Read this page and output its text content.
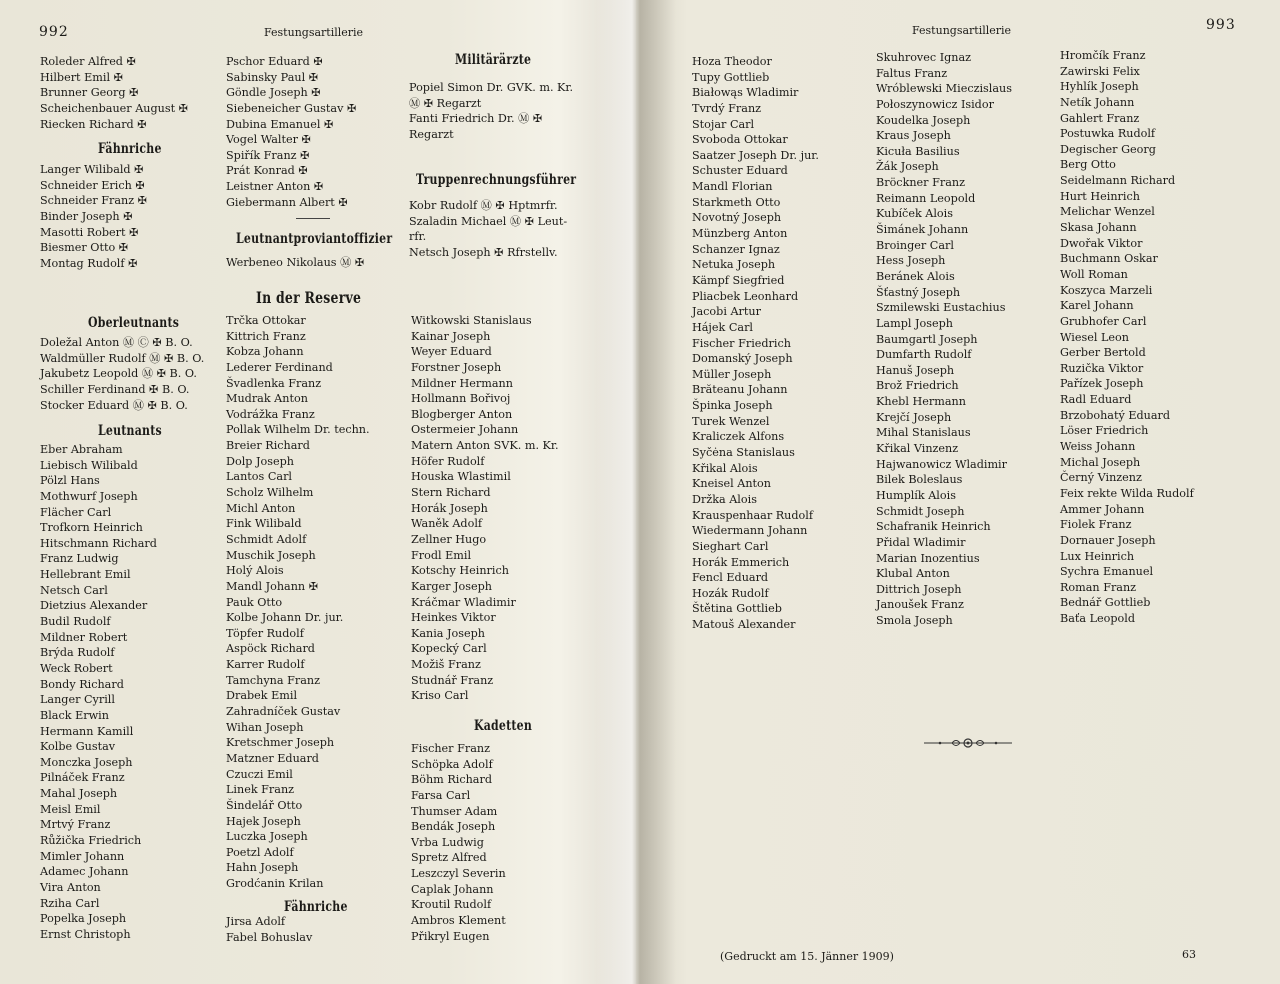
992	Festungsartillerie
Roleder Alfred ✠
Hilbert Emil ✠
Brunner Georg ✠
Scheichenbauer August ✠
Riecken Richard ✠
Fähnriche
Langer Wilibald ✠
Schneider Erich ✠
Schneider Franz ✠
Binder Joseph ✠
Masotti Robert ✠
Biesmer Otto ✠
Montag Rudolf ✠
Oberleutnants
Doležal Anton Ⓜ Ⓒ ✠ B. O.
Waldmüller Rudolf Ⓜ ✠ B. O.
Jakubetz Leopold Ⓜ ✠ B. O.
Schiller Ferdinand ✠ B. O.
Stocker Eduard Ⓜ ✠ B. O.
Leutnants
Eber Abraham
Liebisch Wilibald
Pölzl Hans
Mothwurf Joseph
Flächer Carl
Trofkorn Heinrich
Hitschmann Richard
Franz Ludwig
Hellebrant Emil
Netsch Carl
Dietzius Alexander
Budil Rudolf
Mildner Robert
Brýda Rudolf
Weck Robert
Bondy Richard
Langer Cyrill
Black Erwin
Hermann Kamill
Kolbe Gustav
Monczka Joseph
Pilnáček Franz
Mahal Joseph
Meisl Emil
Mrtvý Franz
Růžička Friedrich
Mimler Johann
Adamec Johann
Vira Anton
Rziha Carl
Popelka Joseph
Ernst Christoph
Pschor Eduard ✠
Sabinsky Paul ✠
Göndle Joseph ✠
Siebeneicher Gustav ✠
Dubina Emanuel ✠
Vogel Walter ✠
Spiřík Franz ✠
Prát Konrad ✠
Leistner Anton ✠
Giebermann Albert ✠
Leutnantproviantoffizier
Werbeneo Nikolaus Ⓜ ✠
In der Reserve
Trčka Ottokar
Kittrich Franz
Kobza Johann
Lederer Ferdinand
Švadlenka Franz
Mudrak Anton
Vodrážka Franz
Pollak Wilhelm Dr. techn.
Breier Richard
Dolp Joseph
Lantos Carl
Scholz Wilhelm
Michl Anton
Fink Wilibald
Schmidt Adolf
Muschik Joseph
Holý Alois
Mandl Johann ✠
Pauk Otto
Kolbe Johann Dr. jur.
Töpfer Rudolf
Aspöck Richard
Karrer Rudolf
Tamchyna Franz
Drabek Emil
Zahradníček Gustav
Wihan Joseph
Kretschmer Joseph
Matzner Eduard
Czuczi Emil
Linek Franz
Šindelář Otto
Hajek Joseph
Luczka Joseph
Poetzl Adolf
Hahn Joseph
Grodćanin Krilan
Fähnriche
Jirsa Adolf
Fabel Bohuslav
Militärärzte
Popiel Simon Dr. GVK. m. Kr.
Ⓜ ✠ Regarzt
Fanti Friedrich Dr. Ⓜ ✠
Regarzt
Truppenrechnungsführer
Kobr Rudolf Ⓜ ✠ Hptmrfr.
Szaladin Michael Ⓜ ✠ Leut-
rfr.
Netsch Joseph ✠ Rfrstellv.
Witkowski Stanislaus
Kainar Joseph
Weyer Eduard
Forstner Joseph
Mildner Hermann
Hollmann Bořivoj
Blogberger Anton
Ostermeier Johann
Matern Anton SVK. m. Kr.
Höfer Rudolf
Houska Wlastimil
Stern Richard
Horák Joseph
Waněk Adolf
Zellner Hugo
Frodl Emil
Kotschy Heinrich
Karger Joseph
Kráčmar Wladimir
Heinkes Viktor
Kania Joseph
Kopecký Carl
Možiš Franz
Studnář Franz
Kriso Carl
Kadetten
Fischer Franz
Schöpka Adolf
Böhm Richard
Farsa Carl
Thumser Adam
Bendák Joseph
Vrba Ludwig
Spretz Alfred
Leszczyl Severin
Caplak Johann
Kroutil Rudolf
Ambros Klement
Přikryl Eugen
Festungsartillerie	993
Hoza Theodor
Tupy Gottlieb
Białowąs Wladimir
Tvrdý Franz
Stojar Carl
Svoboda Ottokar
Saatzer Joseph Dr. jur.
Schuster Eduard
Mandl Florian
Starkmeth Otto
Novotný Joseph
Münzberg Anton
Schanzer Ignaz
Netuka Joseph
Kämpf Siegfried
Pliacbek Leonhard
Jacobi Artur
Hájek Carl
Fischer Friedrich
Domanský Joseph
Müller Joseph
Brăteanu Johann
Špinka Joseph
Turek Wenzel
Kraliczek Alfons
Syčėna Stanislaus
Křikal Alois
Kneisel Anton
Držka Alois
Krauspenhaar Rudolf
Wiedermann Johann
Sieghart Carl
Horák Emmerich
Fencl Eduard
Hozák Rudolf
Štětina Gottlieb
Matouš Alexander
Skuhrovec Ignaz
Faltus Franz
Wróblewski Mieczislaus
Połoszynowicz Isidor
Koudelka Joseph
Kraus Joseph
Kicuła Basilius
Žák Joseph
Bröckner Franz
Reimann Leopold
Kubíček Alois
Šimánek Johann
Broinger Carl
Hess Joseph
Beránek Alois
Šťastný Joseph
Szmilewski Eustachius
Lampl Joseph
Baumgartl Joseph
Dumfarth Rudolf
Hanuš Joseph
Brož Friedrich
Khebl Hermann
Krejčí Joseph
Mihal Stanislaus
Křikal Vinzenz
Hajwanowicz Wladimir
Bilek Boleslaus
Humplík Alois
Schmidt Joseph
Schafranik Heinrich
Přidal Wladimir
Marian Inozentius
Klubal Anton
Dittrich Joseph
Janoušek Franz
Smola Joseph
Hromčík Franz
Zawirski Felix
Hyhlík Joseph
Netík Johann
Gahlert Franz
Postuwka Rudolf
Degischer Georg
Berg Otto
Seidelmann Richard
Hurt Heinrich
Melichar Wenzel
Skasa Johann
Dwořak Viktor
Buchmann Oskar
Woll Roman
Koszyca Marzeli
Karel Johann
Grubhofer Carl
Wiesel Leon
Gerber Bertold
Ruzička Viktor
Pařízek Joseph
Radl Eduard
Brzobohatý Eduard
Löser Friedrich
Weiss Johann
Michal Joseph
Černý Vinzenz
Feix rekte Wilda Rudolf
Ammer Johann
Fiolek Franz
Dornauer Joseph
Lux Heinrich
Sychra Emanuel
Roman Franz
Bednář Gottlieb
Baťa Leopold
(Gedruckt am 15. Jänner 1909)	63
